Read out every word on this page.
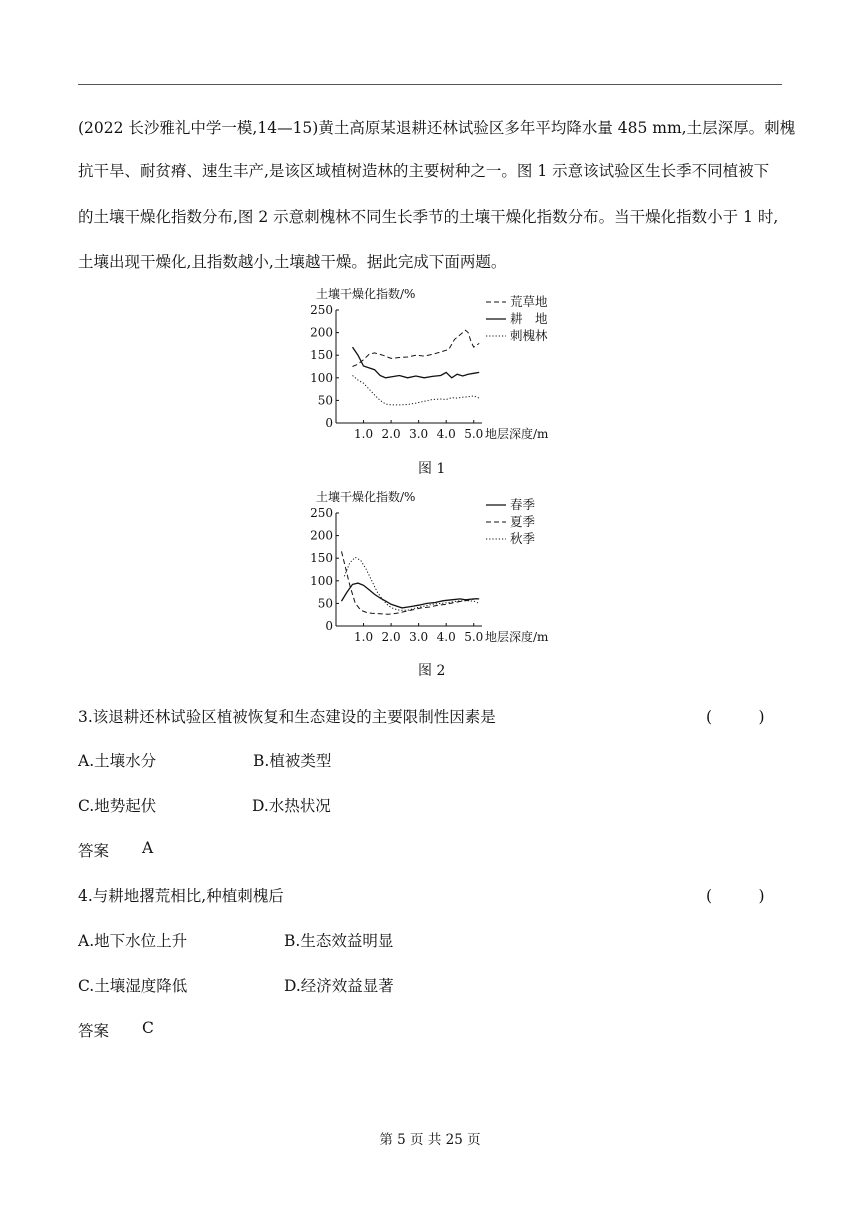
(2022 长沙雅礼中学一模,14—15)黄土高原某退耕还林试验区多年平均降水量 485 mm,土层深厚。刺槐
抗干旱、耐贫瘠、速生丰产,是该区域植树造林的主要树种之一。图 1 示意该试验区生长季不同植被下
的土壤干燥化指数分布,图 2 示意刺槐林不同生长季节的土壤干燥化指数分布。当干燥化指数小于 1 时,
土壤出现干燥化,且指数越小,土壤越干燥。据此完成下面两题。
土壤干燥化指数/%
0
50
100
150
200
250
1.0 2.0 3.0 4.0 5.0 地层深度/m
荒草地
耕　地
刺槐林
图 1
土壤干燥化指数/%
0
50
100
150
200
250
1.0 2.0 3.0 4.0 5.0 地层深度/m
春季
夏季
秋季
图 2
3.该退耕还林试验区植被恢复和生态建设的主要限制性因素是	(　　　)
A.土壤水分	B.植被类型
C.地势起伏	D.水热状况
答案 A
4.与耕地撂荒相比,种植刺槐后	(　　　)
A.地下水位上升	B.生态效益明显
C.土壤湿度降低	D.经济效益显著
答案 C
第 5 页 共 25 页
